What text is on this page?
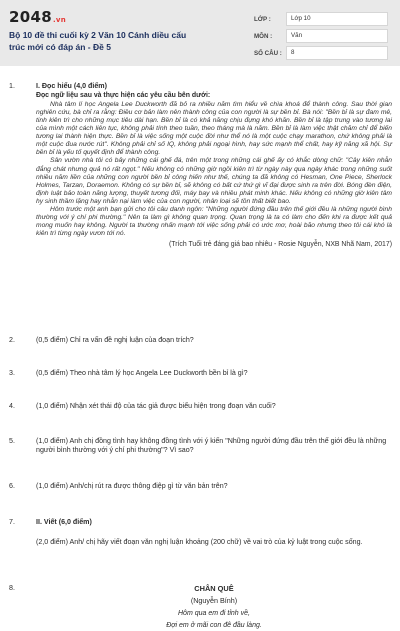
2048.vn
Bộ 10 đề thi cuối kỳ 2 Văn 10 Cánh diều cấu trúc mới có đáp án - Đề 5
LỚP :	Lớp 10
MÔN :	Văn
SỐ CÂU :	8
1.	I. Đọc hiểu (4,0 điểm)
Đọc ngữ liệu sau và thực hiện các yêu cầu bên dưới:

Nhà tâm lí học Angela Lee Duckworth đã bỏ ra nhiều năm tìm hiểu về chìa khoá để thành công. Sau thời gian nghiên cứu, bà chỉ ra rằng: Điều cơ bản làm nên thành công của con người là sự bền bỉ. Bà nói: "Bền bỉ là sự đam mê, tinh kiên trì cho những mục tiêu dài hạn. Bền bỉ là có khả năng chịu đựng khó khăn. Bền bỉ là tập trung vào tương lai của mình một cách liên tục, không phải tính theo tuần, theo tháng mà là năm. Bền bỉ là làm việc thật chăm chỉ để biến tương lai thành hiện thực. Bền bỉ là việc sống một cuộc đời như thể nó là một cuộc chạy marathon, chứ không phải là một cuộc đua nước rút". Không phải chỉ số IQ, không phải ngoại hình, hay sức mạnh thể chất, hay kỹ năng xã hội. Sự bền bỉ là yếu tố quyết định để thành công.

Sân vườn nhà tôi có bảy những cái ghế đá, trên một trong những cái ghế ấy có khắc dòng chữ: "Cây kiên nhẫn đắng chát nhưng quả nó rất ngọt." Nếu không có những giờ ngồi kiên trì từ ngày này qua ngày khác trong những suốt nhiều năm liền của những con người bền bỉ công hiến như thế, chúng ta đã không có Hesman, One Piece, Sherlock Holmes, Tarzan, Doraemon. Không có sự bền bỉ, sẽ không có bất cứ thứ gì vĩ đại được sinh ra trên đời. Bóng đèn điện, định luật bảo toàn năng lượng, thuyết tương đối, máy bay và nhiều phát minh khác. Nếu không có những giờ kiên tâm hy sinh thầm lặng hay nhẫn nại làm việc của con người, nhân loại sẽ tồn thất biết bao.

Hôm trước một anh bạn gửi cho tôi câu danh ngôn: "Những người đứng đầu trên thế giới đều là những người bình thường với ý chí phi thường." Nên ta làm gì không quan trọng. Quan trọng là ta có làm cho đến khi ra được kết quả mong muốn hay không. Người ta thường nhấn mạnh tới việc sống phải có ước mơ, hoài bão nhưng theo tôi cái khó là kiên trì từng ngày vươn tới nó.

(Trích Tuổi trẻ đáng giá bao nhiêu - Rosie Nguyễn, NXB Nhã Nam, 2017)
2.	(0,5 điểm) Chỉ ra vấn đề nghị luận của đoạn trích?
3.	(0,5 điểm) Theo nhà tâm lý học Angela Lee Duckworth bền bỉ là gì?
4.	(1,0 điểm) Nhận xét thái độ của tác giả được biểu hiện trong đoạn văn cuối?
5.	(1,0 điểm) Anh chị đồng tình hay không đồng tình với ý kiến "Những người đứng đầu trên thế giới đều là những người bình thường với ý chí phi thường"? Vì sao?
6.	(1,0 điểm) Anh/chị rút ra được thông điệp gì từ văn bản trên?
7.	II. Viết (6,0 điểm)
(2,0 điểm) Anh/ chị hãy viết đoạn văn nghị luận khoảng (200 chữ) về vai trò của kỷ luật trong cuộc sống.
8.	CHÂN QUÊ
(Nguyễn Bính)
Hôm qua em đi tỉnh về,
Đợi em ở mãi con đê đầu làng.
